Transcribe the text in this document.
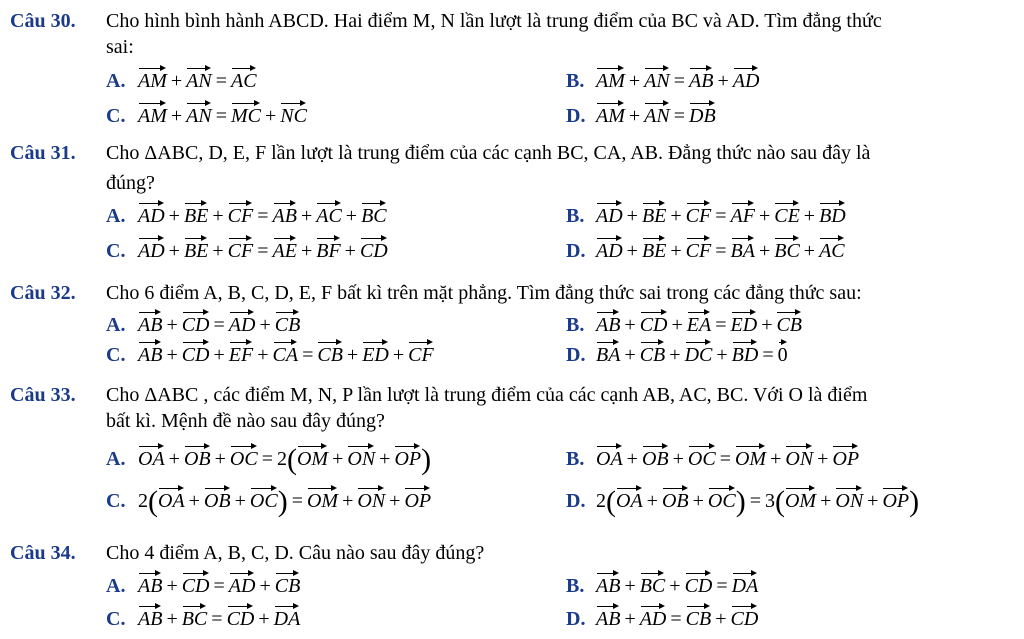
Câu 30. Cho hình bình hành ABCD. Hai điểm M, N lần lượt là trung điểm của BC và AD. Tìm đẳng thức
sai:
A. AM + AN = AC	B. AM + AN = AB + AD
C. AM + AN = MC + NC	D. AM + AN = DB
Câu 31. Cho ΔABC, D, E, F lần lượt là trung điểm của các cạnh BC, CA, AB. Đẳng thức nào sau đây là
đúng?
A. AD + BE + CF = AB + AC + BC	B. AD + BE + CF = AF + CE + BD
C. AD + BE + CF = AE + BF + CD	D. AD + BE + CF = BA + BC + AC
Câu 32. Cho 6 điểm A, B, C, D, E, F bất kì trên mặt phẳng. Tìm đẳng thức sai trong các đẳng thức sau:
A. AB + CD = AD + CB	B. AB + CD + EA = ED + CB
C. AB + CD + EF + CA = CB + ED + CF	D. BA + CB + DC + BD = 0
Câu 33. Cho ΔABC , các điểm M, N, P lần lượt là trung điểm của các cạnh AB, AC, BC. Với O là điểm
bất kì. Mệnh đề nào sau đây đúng?
A. OA + OB + OC = 2(OM + ON + OP)	B. OA + OB + OC = OM + ON + OP
C. 2(OA + OB + OC) = OM + ON + OP	D. 2(OA + OB + OC) = 3(OM + ON + OP)
Câu 34. Cho 4 điểm A, B, C, D. Câu nào sau đây đúng?
A. AB + CD = AD + CB	B. AB + BC + CD = DA
C. AB + BC = CD + DA	D. AB + AD = CB + CD
